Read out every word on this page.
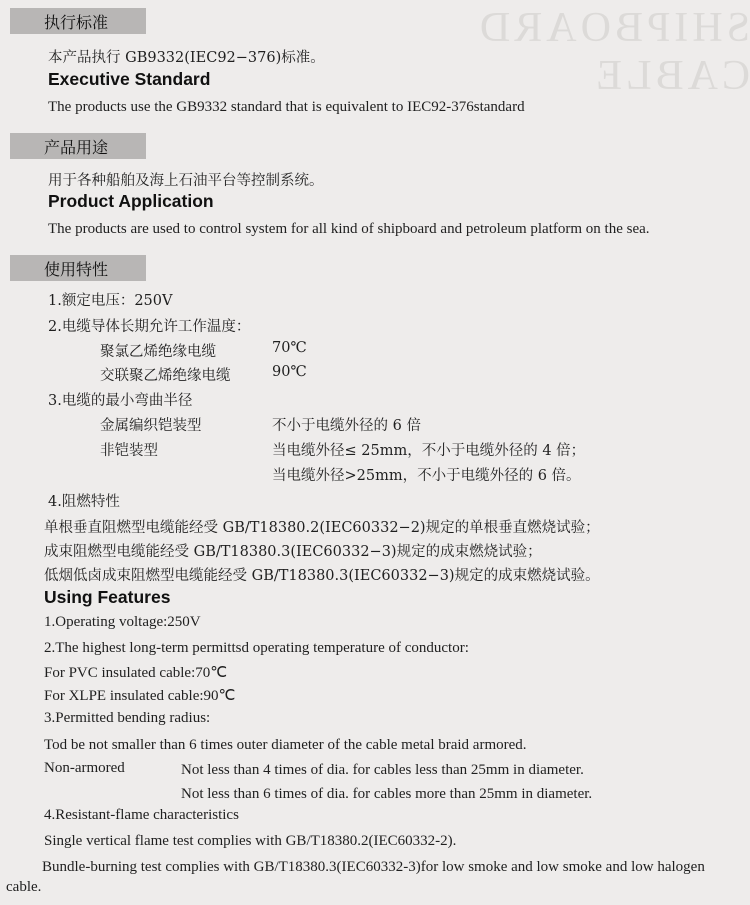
SHIPBOARD CABLE
执行标准
本产品执行 GB9332(IEC92−376)标准。
Executive Standard
The products use the GB9332 standard that is equivalent to IEC92-376standard
产品用途
用于各种船舶及海上石油平台等控制系统。
Product Application
The products are used to control system for all kind of shipboard and petroleum platform on the sea.
使用特性
1.额定电压：250V
2.电缆导体长期允许工作温度：
聚氯乙烯绝缘电缆	70℃
交联聚乙烯绝缘电缆	90℃
3.电缆的最小弯曲半径
金属编织铠装型	不小于电缆外径的 6 倍
非铠装型	当电缆外径≤ 25mm，不小于电缆外径的 4 倍；
当电缆外径>25mm，不小于电缆外径的 6 倍。
4.阻燃特性
单根垂直阻燃型电缆能经受 GB/T18380.2(IEC60332−2)规定的单根垂直燃烧试验；
成束阻燃型电缆能经受 GB/T18380.3(IEC60332−3)规定的成束燃烧试验；
低烟低卤成束阻燃型电缆能经受 GB/T18380.3(IEC60332−3)规定的成束燃烧试验。
Using Features
1.Operating voltage:250V
2.The highest long-term permittsd operating temperature of conductor:
For PVC insulated cable:70℃
For XLPE insulated cable:90℃
3.Permitted bending radius:
Tod be not smaller than 6 times outer diameter of the cable metal braid armored.
Non-armored	Not less than 4 times of dia. for cables less than 25mm in diameter.
Not less than 6 times of dia. for cables more than 25mm in diameter.
4.Resistant-flame characteristics
Single vertical flame test complies with GB/T18380.2(IEC60332-2).
Bundle-burning test complies with GB/T18380.3(IEC60332-3)for low smoke and low smoke and low halogen
cable.
